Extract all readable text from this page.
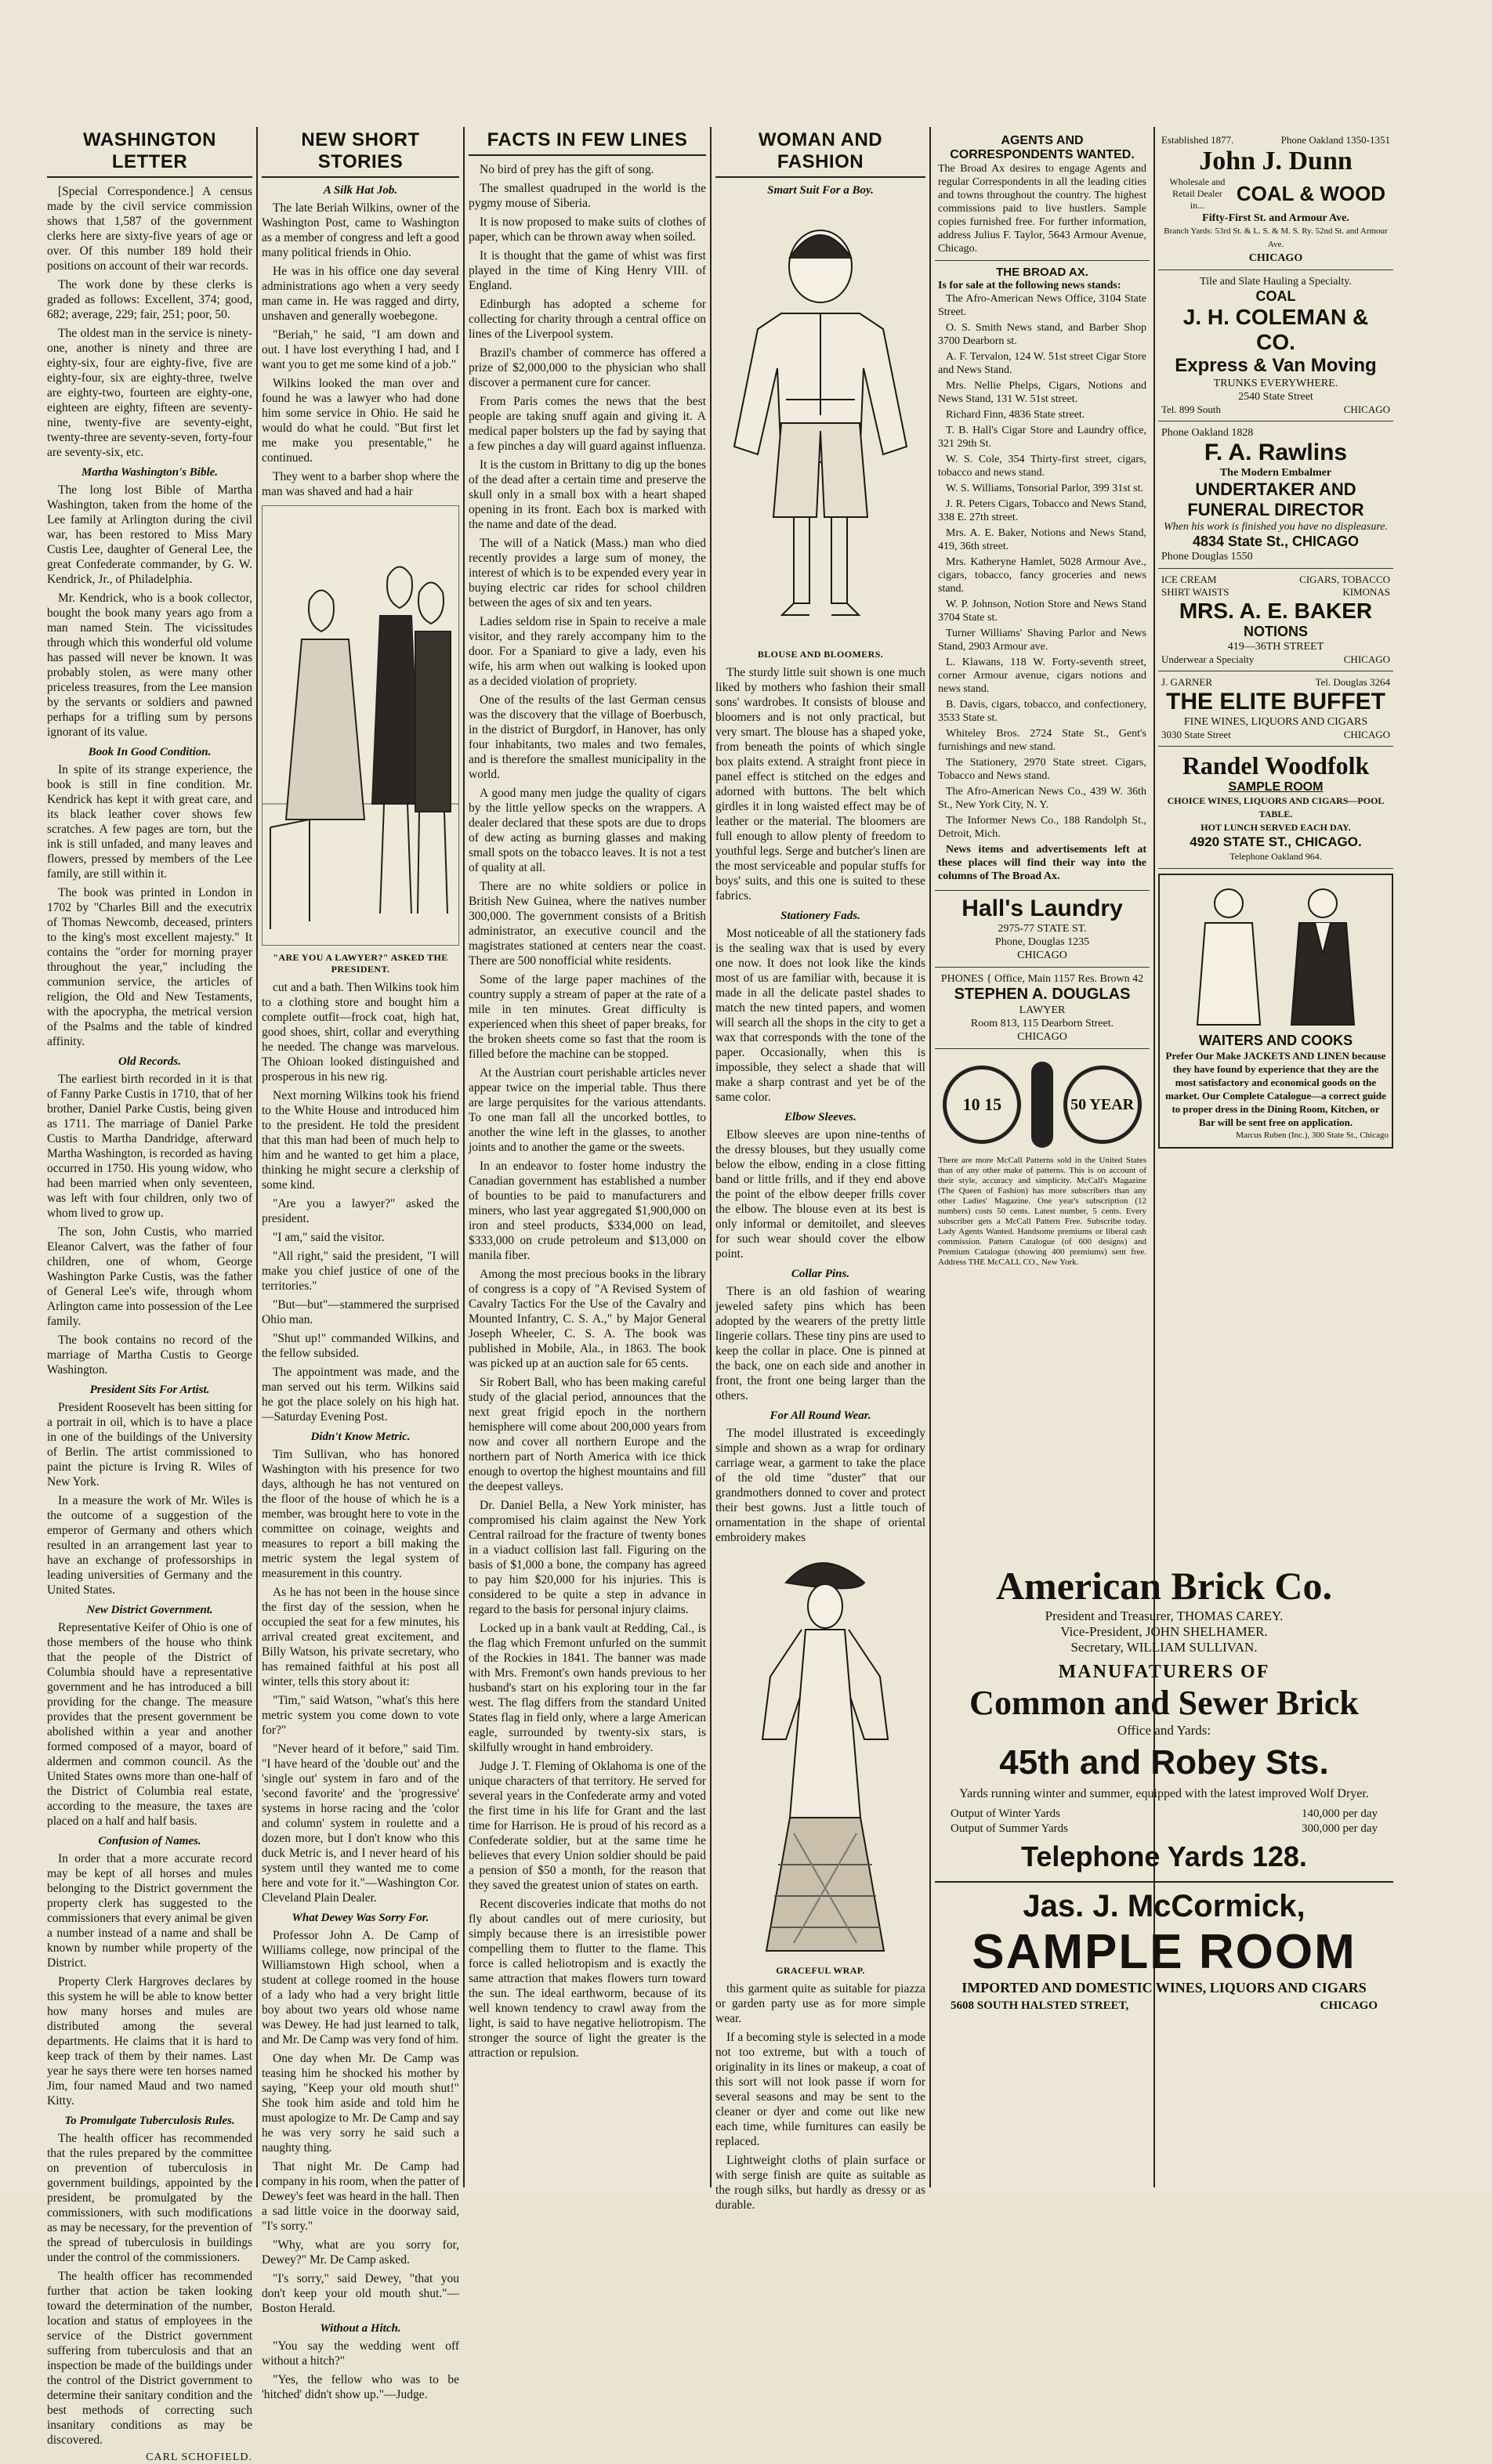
WASHINGTON LETTER

[Special Correspondence.] A census made by the civil service commission shows that 1,587 of the government clerks here are sixty-five years of age or over. Of this number 189 hold their positions on account of their war records.

The work done by these clerks is graded as follows: Excellent, 374; good, 682; average, 229; fair, 251; poor, 50.

The oldest man in the service is ninety-one, another is ninety and three are eighty-six, four are eighty-five, five are eighty-four, six are eighty-three, twelve are eighty-two, fourteen are eighty-one, eighteen are eighty, fifteen are seventy-nine, twenty-five are seventy-eight, twenty-three are seventy-seven, forty-four are seventy-six, etc.

Martha Washington's Bible.

The long lost Bible of Martha Washington, taken from the home of the Lee family at Arlington during the civil war, has been restored to Miss Mary Custis Lee, daughter of General Lee, the great Confederate commander, by G. W. Kendrick, Jr., of Philadelphia.

Mr. Kendrick, who is a book collector, bought the book many years ago from a man named Stein. The vicissitudes through which this wonderful old volume has passed will never be known. It was probably stolen, as were many other priceless treasures, from the Lee mansion by the servants or soldiers and pawned perhaps for a trifling sum by persons ignorant of its value.

Book In Good Condition.

In spite of its strange experience, the book is still in fine condition. Mr. Kendrick has kept it with great care, and its black leather cover shows few scratches. A few pages are torn, but the ink is still unfaded, and many leaves and flowers, pressed by members of the Lee family, are still within it.

The book was printed in London in 1702 by "Charles Bill and the executrix of Thomas Newcomb, deceased, printers to the king's most excellent majesty." It contains the "order for morning prayer throughout the year," including the communion service, the articles of religion, the Old and New Testaments, with the apocrypha, the metrical version of the Psalms and the table of kindred affinity.

Old Records.

The earliest birth recorded in it is that of Fanny Parke Custis in 1710, that of her brother, Daniel Parke Custis, being given as 1711. The marriage of Daniel Parke Custis to Martha Dandridge, afterward Martha Washington, is recorded as having occurred in 1750. His young widow, who had been married when only seventeen, was left with four children, only two of whom lived to grow up.

The son, John Custis, who married Eleanor Calvert, was the father of four children, one of whom, George Washington Parke Custis, was the father of General Lee's wife, through whom Arlington came into possession of the Lee family.

The book contains no record of the marriage of Martha Custis to George Washington.

President Sits For Artist.

President Roosevelt has been sitting for a portrait in oil, which is to have a place in one of the buildings of the University of Berlin. The artist commissioned to paint the picture is Irving R. Wiles of New York.

In a measure the work of Mr. Wiles is the outcome of a suggestion of the emperor of Germany and others which resulted in an arrangement last year to have an exchange of professorships in leading universities of Germany and the United States.

New District Government.

Representative Keifer of Ohio is one of those members of the house who think that the people of the District of Columbia should have a representative government and he has introduced a bill providing for the change. The measure provides that the present government be abolished within a year and another formed composed of a mayor, board of aldermen and common council. As the United States owns more than one-half of the District of Columbia real estate, according to the measure, the taxes are placed on a half and half basis.

Confusion of Names.

In order that a more accurate record may be kept of all horses and mules belonging to the District government the property clerk has suggested to the commissioners that every animal be given a number instead of a name and shall be known by number while property of the District.

Property Clerk Hargroves declares by this system he will be able to know better how many horses and mules are distributed among the several departments. He claims that it is hard to keep track of them by their names. Last year he says there were ten horses named Jim, four named Maud and two named Kitty.

To Promulgate Tuberculosis Rules.

The health officer has recommended that the rules prepared by the committee on prevention of tuberculosis in government buildings, appointed by the president, be promulgated by the commissioners, with such modifications as may be necessary, for the prevention of the spread of tuberculosis in buildings under the control of the commissioners.

The health officer has recommended further that action be taken looking toward the determination of the number, location and status of employees in the service of the District government suffering from tuberculosis and that an inspection be made of the buildings under the control of the District government to determine their sanitary condition and the best methods of correcting such insanitary conditions as may be discovered.

CARL SCHOFIELD.
NEW SHORT STORIES
A Silk Hat Job.

The late Beriah Wilkins, owner of the Washington Post, came to Washington as a member of congress and left a good many political friends in Ohio.

He was in his office one day several administrations ago when a very seedy man came in. He was ragged and dirty, unshaven and generally woebegone.

"Beriah," he said, "I am down and out. I have lost everything I had, and I want you to get me some kind of a job."

Wilkins looked the man over and found he was a lawyer who had done him some service in Ohio. He said he would do what he could. "But first let me make you presentable," he continued.

They went to a barber shop where the man was shaved and had a hair

"ARE YOU A LAWYER?" ASKED THE PRESIDENT.

cut and a bath. Then Wilkins took him to a clothing store and bought him a complete outfit—frock coat, high hat, good shoes, shirt, collar and everything he needed. The change was marvelous. The Ohioan looked distinguished and prosperous in his new rig.

Next morning Wilkins took his friend to the White House and introduced him to the president. He told the president that this man had been of much help to him and he wanted to get him a place, thinking he might secure a clerkship of some kind.

"Are you a lawyer?" asked the president.

"I am," said the visitor.

"All right," said the president, "I will make you chief justice of one of the territories."

"But—but"—stammered the surprised Ohio man.

"Shut up!" commanded Wilkins, and the fellow subsided.

The appointment was made, and the man served out his term. Wilkins said he got the place solely on his high hat. —Saturday Evening Post.

Didn't Know Metric.

Tim Sullivan, who has honored Washington with his presence for two days, although he has not ventured on the floor of the house of which he is a member, was brought here to vote in the committee on coinage, weights and measures to report a bill making the metric system the legal system of measurement in this country.

As he has not been in the house since the first day of the session, when he occupied the seat for a few minutes, his arrival created great excitement, and Billy Watson, his private secretary, who has remained faithful at his post all winter, tells this story about it:

"Tim," said Watson, "what's this here metric system you come down to vote for?"

"Never heard of it before," said Tim. "I have heard of the 'double out' and the 'single out' system in faro and of the 'second favorite' and the 'progressive' systems in horse racing and the 'color and column' system in roulette and a dozen more, but I don't know who this duck Metric is, and I never heard of his system until they wanted me to come here and vote for it."—Washington Cor. Cleveland Plain Dealer.

What Dewey Was Sorry For.

Professor John A. De Camp of Williams college, now principal of the Williamstown High school, when a student at college roomed in the house of a lady who had a very bright little boy about two years old whose name was Dewey. He had just learned to talk, and Mr. De Camp was very fond of him.

One day when Mr. De Camp was teasing him he shocked his mother by saying, "Keep your old mouth shut!" She took him aside and told him he must apologize to Mr. De Camp and say he was very sorry he said such a naughty thing.

That night Mr. De Camp had company in his room, when the patter of Dewey's feet was heard in the hall. Then a sad little voice in the doorway said, "I's sorry."

"Why, what are you sorry for, Dewey?" Mr. De Camp asked.

"I's sorry," said Dewey, "that you don't keep your old mouth shut."—Boston Herald.

Without a Hitch.

"You say the wedding went off without a hitch?"

"Yes, the fellow who was to be 'hitched' didn't show up."—Judge.

FACTS IN FEW LINES

No bird of prey has the gift of song.

The smallest quadruped in the world is the pygmy mouse of Siberia.

It is now proposed to make suits of clothes of paper, which can be thrown away when soiled.

It is thought that the game of whist was first played in the time of King Henry VIII. of England.

Edinburgh has adopted a scheme for collecting for charity through a central office on lines of the Liverpool system.

Brazil's chamber of commerce has offered a prize of $2,000,000 to the physician who shall discover a permanent cure for cancer.

From Paris comes the news that the best people are taking snuff again and giving it. A medical paper bolsters up the fad by saying that a few pinches a day will guard against influenza.

It is the custom in Brittany to dig up the bones of the dead after a certain time and preserve the skull only in a small box with a heart shaped opening in its front. Each box is marked with the name and date of the dead.

The will of a Natick (Mass.) man who died recently provides a large sum of money, the interest of which is to be expended every year in buying electric car rides for school children between the ages of six and ten years.

Ladies seldom rise in Spain to receive a male visitor, and they rarely accompany him to the door. For a Spaniard to give a lady, even his wife, his arm when out walking is looked upon as a decided violation of propriety.

One of the results of the last German census was the discovery that the village of Boerbusch, in the district of Burgdorf, in Hanover, has only four inhabitants, two males and two females, and is therefore the smallest municipality in the world.

A good many men judge the quality of cigars by the little yellow specks on the wrappers. A dealer declared that these spots are due to drops of dew acting as burning glasses and making small spots on the tobacco leaves. It is not a test of quality at all.

There are no white soldiers or police in British New Guinea, where the natives number 300,000. The government consists of a British administrator, an executive council and the magistrates stationed at centers near the coast. There are 500 nonofficial white residents.

Some of the large paper machines of the country supply a stream of paper at the rate of a mile in ten minutes. Great difficulty is experienced when this sheet of paper breaks, for the broken sheets come so fast that the room is filled before the machine can be stopped.

At the Austrian court perishable articles never appear twice on the imperial table. Thus there are large perquisites for the various attendants. To one man fall all the uncorked bottles, to another the wine left in the glasses, to another joints and to another the game or the sweets.

In an endeavor to foster home industry the Canadian government has established a number of bounties to be paid to manufacturers and miners, who last year aggregated $1,900,000 on iron and steel products, $334,000 on lead, $333,000 on crude petroleum and $13,000 on manila fiber.

Among the most precious books in the library of congress is a copy of "A Revised System of Cavalry Tactics For the Use of the Cavalry and Mounted Infantry, C. S. A.," by Major General Joseph Wheeler, C. S. A. The book was published in Mobile, Ala., in 1863. The book was picked up at an auction sale for 65 cents.

Sir Robert Ball, who has been making careful study of the glacial period, announces that the next great frigid epoch in the northern hemisphere will come about 200,000 years from now and cover all northern Europe and the northern part of North America with ice thick enough to overtop the highest mountains and fill the deepest valleys.

Dr. Daniel Bella, a New York minister, has compromised his claim against the New York Central railroad for the fracture of twenty bones in a viaduct collision last fall. Figuring on the basis of $1,000 a bone, the company has agreed to pay him $20,000 for his injuries. This is considered to be quite a step in advance in regard to the basis for personal injury claims.

Locked up in a bank vault at Redding, Cal., is the flag which Fremont unfurled on the summit of the Rockies in 1841. The banner was made with Mrs. Fremont's own hands previous to her husband's start on his exploring tour in the far west. The flag differs from the standard United States flag in field only, where a large American eagle, surrounded by twenty-six stars, is skilfully wrought in hand embroidery.

Judge J. T. Fleming of Oklahoma is one of the unique characters of that territory. He served for several years in the Confederate army and voted the first time in his life for Grant and the last time for Harrison. He is proud of his record as a Confederate soldier, but at the same time he believes that every Union soldier should be paid a pension of $50 a month, for the reason that they saved the greatest union of states on earth.

Recent discoveries indicate that moths do not fly about candles out of mere curiosity, but simply because there is an irresistible power compelling them to flutter to the flame. This force is called heliotropism and is exactly the same attraction that makes flowers turn toward the sun. The ideal earthworm, because of its well known tendency to crawl away from the light, is said to have negative heliotropism. The stronger the source of light the greater is the attraction or repulsion.

WOMAN AND FASHION
Smart Suit For a Boy.
BLOUSE AND BLOOMERS.

The sturdy little suit shown is one much liked by mothers who fashion their small sons' wardrobes. It consists of blouse and bloomers and is not only practical, but very smart. The blouse has a shaped yoke, from beneath the points of which single box plaits extend. A straight front piece in panel effect is stitched on the edges and adorned with buttons. The belt which girdles it in long waisted effect may be of leather or the material. The bloomers are full enough to allow plenty of freedom to youthful legs. Serge and butcher's linen are the most serviceable and popular stuffs for boys' suits, and this one is suited to these fabrics.

Stationery Fads.

Most noticeable of all the stationery fads is the sealing wax that is used by every one now. It does not look like the kinds most of us are familiar with, because it is made in all the delicate pastel shades to match the new tinted papers, and women will search all the shops in the city to get a wax that corresponds with the tone of the paper. Occasionally, when this is impossible, they select a shade that will make a sharp contrast and yet be of the same color.

Elbow Sleeves.

Elbow sleeves are upon nine-tenths of the dressy blouses, but they usually come below the elbow, ending in a close fitting band or little frills, and if they end above the point of the elbow deeper frills cover the elbow. The blouse even at its best is only informal or demitoilet, and sleeves for such wear should cover the elbow point.

Collar Pins.

There is an old fashion of wearing jeweled safety pins which has been adopted by the wearers of the pretty little lingerie collars. These tiny pins are used to keep the collar in place. One is pinned at the back, one on each side and another in front, the front one being larger than the others.

For All Round Wear.

The model illustrated is exceedingly simple and shown as a wrap for ordinary carriage wear, a garment to take the place of the old time "duster" that our grandmothers donned to cover and protect their best gowns. Just a little touch of ornamentation in the shape of oriental embroidery makes

GRACEFUL WRAP.

this garment quite as suitable for piazza or garden party use as for more simple wear.

If a becoming style is selected in a mode not too extreme, but with a touch of originality in its lines or makeup, a coat of this sort will not look passe if worn for several seasons and may be sent to the cleaner or dyer and come out like new each time, while furnitures can easily be replaced.

Lightweight cloths of plain surface or with serge finish are quite as suitable as the rough silks, but hardly as dressy or as durable.

AGENTS AND CORRESPONDENTS WANTED.
The Broad Ax desires to engage Agents and regular Correspondents in all the leading cities and towns throughout the country. The highest commissions paid to live hustlers. Sample copies furnished free. For further information, address Julius F. Taylor, 5643 Armour Avenue, Chicago.
THE BROAD AX.
Is for sale at the following news stands:

The Afro-American News Office, 3104 State Street.

O. S. Smith News stand, and Barber Shop 3700 Dearborn st.

A. F. Tervalon, 124 W. 51st street Cigar Store and News Stand.

Mrs. Nellie Phelps, Cigars, Notions and News Stand, 131 W. 51st street.

Richard Finn, 4836 State street.

T. B. Hall's Cigar Store and Laundry office, 321 29th St.

W. S. Cole, 354 Thirty-first street, cigars, tobacco and news stand.

W. S. Williams, Tonsorial Parlor, 399 31st st.

J. R. Peters Cigars, Tobacco and News Stand, 338 E. 27th street.

Mrs. A. E. Baker, Notions and News Stand, 419, 36th street.

Mrs. Katheryne Hamlet, 5028 Armour Ave., cigars, tobacco, fancy groceries and news stand.

W. P. Johnson, Notion Store and News Stand 3704 State st.

Turner Williams' Shaving Parlor and News Stand, 2903 Armour ave.

L. Klawans, 118 W. Forty-seventh street, corner Armour avenue, cigars notions and news stand.

B. Davis, cigars, tobacco, and confectionery, 3533 State st.

Whiteley Bros. 2724 State St., Gent's furnishings and new stand.

The Stationery, 2970 State street. Cigars, Tobacco and News stand.

The Afro-American News Co., 439 W. 36th St., New York City, N. Y.

The Informer News Co., 188 Randolph St., Detroit, Mich.

News items and advertisements left at these places will find their way into the columns of The Broad Ax.

Hall's Laundry
2975-77 STATE ST.
Phone, Douglas 1235
CHICAGO
PHONES { Office, Main 1157 Res. Brown 42
STEPHEN A. DOUGLAS
LAWYER
Room 813, 115 Dearborn Street.
CHICAGO
10 15	50 YEAR
There are more McCall Patterns sold in the United States than of any other make of patterns. This is on account of their style, accuracy and simplicity. McCall's Magazine (The Queen of Fashion) has more subscribers than any other Ladies' Magazine. One year's subscription (12 numbers) costs 50 cents. Latest number, 5 cents. Every subscriber gets a McCall Pattern Free. Subscribe today. Lady Agents Wanted. Handsome premiums or liberal cash commission. Pattern Catalogue (of 600 designs) and Premium Catalogue (showing 400 premiums) sent free. Address THE McCALL CO., New York.
Established 1877.	Phone Oakland 1350-1351
John J. Dunn
Wholesale and Retail Dealer in...	COAL & WOOD
Fifty-First St. and Armour Ave.
Branch Yards: 53rd St. & L. S. & M. S. Ry. 52nd St. and Armour Ave.
CHICAGO
Tile and Slate Hauling a Specialty.
COAL
J. H. COLEMAN & CO.
Express & Van Moving
TRUNKS EVERYWHERE.
2540 State Street
Tel. 899 South	CHICAGO
Phone Oakland 1828
F. A. Rawlins
The Modern Embalmer
UNDERTAKER AND FUNERAL DIRECTOR
When his work is finished you have no displeasure.
4834 State St., CHICAGO
Phone Douglas 1550
ICE CREAM	CIGARS, TOBACCO
SHIRT WAISTS	KIMONAS
MRS. A. E. BAKER
NOTIONS
419—36TH STREET
Underwear a Specialty	CHICAGO
J. GARNER	Tel. Douglas 3264
THE ELITE BUFFET
FINE WINES, LIQUORS AND CIGARS
3030 State Street	CHICAGO
Randel Woodfolk
SAMPLE ROOM
CHOICE WINES, LIQUORS AND CIGARS—POOL TABLE.
HOT LUNCH SERVED EACH DAY.
4920 STATE ST., CHICAGO.
Telephone Oakland 964.
WAITERS AND COOKS
Prefer Our Make JACKETS AND LINEN because they have found by experience that they are the most satisfactory and economical goods on the market. Our Complete Catalogue—a correct guide to proper dress in the Dining Room, Kitchen, or Bar will be sent free on application.
Marcus Ruben (Inc.), 300 State St., Chicago
American Brick Co.
President and Treasurer, THOMAS CAREY.
Vice-President, JOHN SHELHAMER.
Secretary, WILLIAM SULLIVAN.
MANUFATURERS OF
Common and Sewer Brick
Office and Yards:
45th and Robey Sts.
Yards running winter and summer, equipped with the latest improved Wolf Dryer.
Output of Winter Yards	140,000 per day
Output of Summer Yards	300,000 per day
Telephone Yards 128.
Jas. J. McCormick,
SAMPLE ROOM
IMPORTED AND DOMESTIC WINES, LIQUORS AND CIGARS
5608 SOUTH HALSTED STREET,	CHICAGO
